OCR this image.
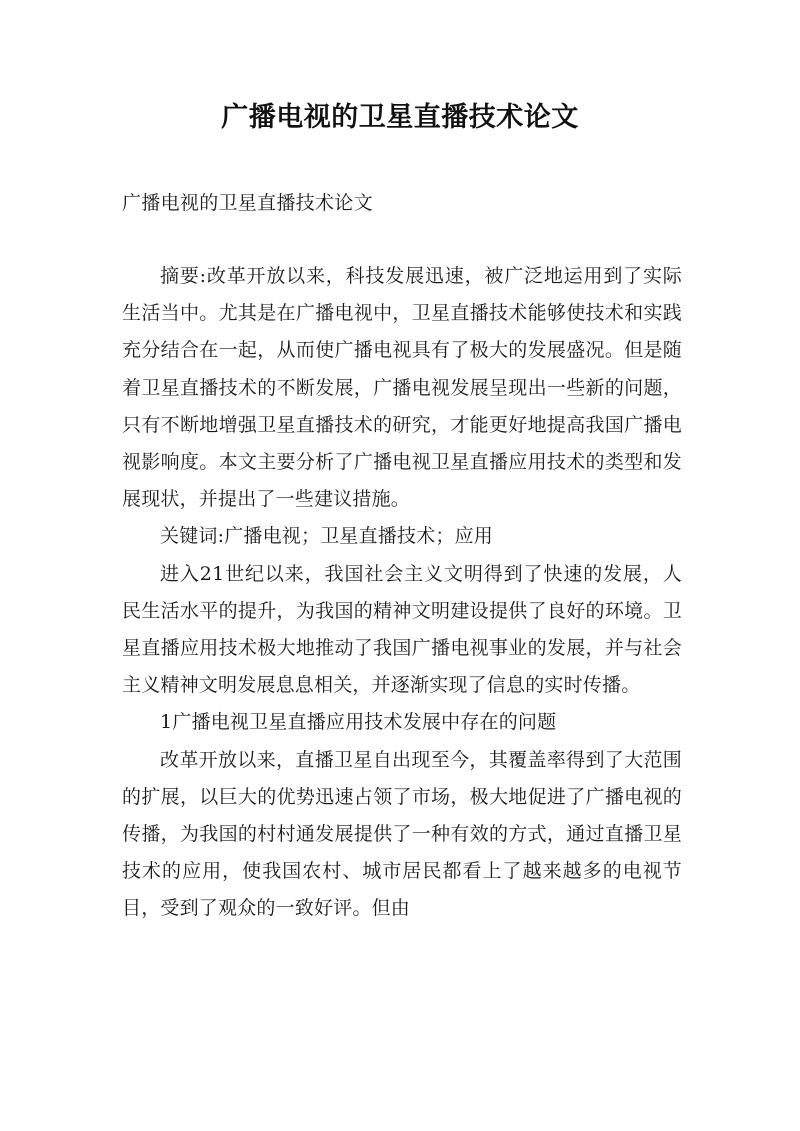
广播电视的卫星直播技术论文
广播电视的卫星直播技术论文

摘要:改革开放以来，科技发展迅速，被广泛地运用到了实际生活当中。尤其是在广播电视中，卫星直播技术能够使技术和实践充分结合在一起，从而使广播电视具有了极大的发展盛况。但是随着卫星直播技术的不断发展，广播电视发展呈现出一些新的问题，只有不断地增强卫星直播技术的研究，才能更好地提高我国广播电视影响度。本文主要分析了广播电视卫星直播应用技术的类型和发展现状，并提出了一些建议措施。

关键词:广播电视；卫星直播技术；应用

进入21世纪以来，我国社会主义文明得到了快速的发展，人民生活水平的提升，为我国的精神文明建设提供了良好的环境。卫星直播应用技术极大地推动了我国广播电视事业的发展，并与社会主义精神文明发展息息相关，并逐渐实现了信息的实时传播。

1广播电视卫星直播应用技术发展中存在的问题

改革开放以来，直播卫星自出现至今，其覆盖率得到了大范围的扩展，以巨大的优势迅速占领了市场，极大地促进了广播电视的传播，为我国的村村通发展提供了一种有效的方式，通过直播卫星技术的应用，使我国农村、城市居民都看上了越来越多的电视节目，受到了观众的一致好评。但由
